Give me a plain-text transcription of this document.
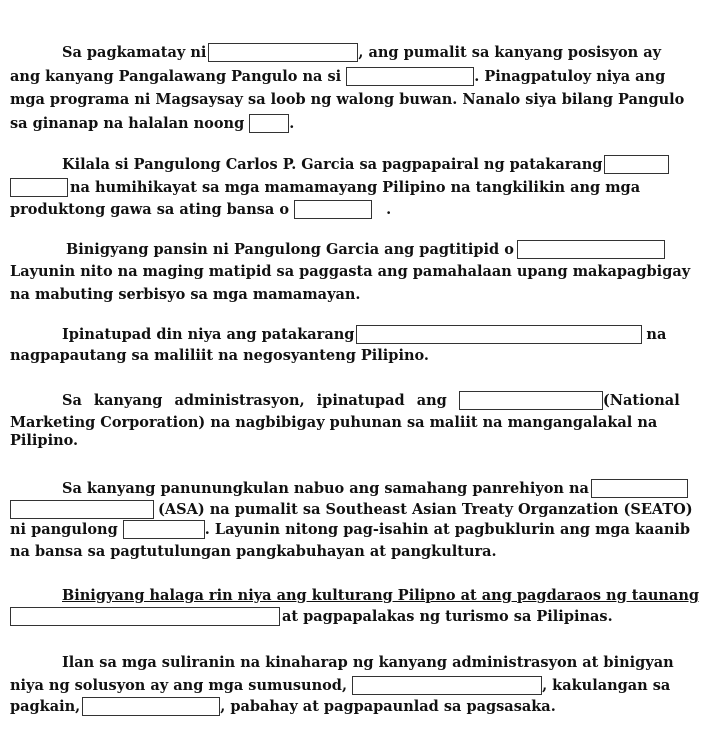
Sa pagkamatay ni	, ang pumalit sa kanyang posisyon ay
ang kanyang Pangalawang Pangulo na si	. Pinagpatuloy niya ang
mga programa ni Magsaysay sa loob ng walong buwan. Nanalo siya bilang Pangulo
sa ginanap na halalan noong	.
Kilala si Pangulong Carlos P. Garcia sa pagpapairal ng patakarang
na humihikayat sa mga mamamayang Pilipino na tangkilikin ang mga
produktong gawa sa ating bansa o	.
Binigyang pansin ni Pangulong Garcia ang pagtitipid o
Layunin nito na maging matipid sa paggasta ang pamahalaan upang makapagbigay
na mabuting serbisyo sa mga mamamayan.
Ipinatupad din niya ang patakarang	na
nagpapautang sa maliliit na negosyanteng Pilipino.
Sa kanyang administrasyon, ipinatupad ang	(National
Marketing Corporation) na nagbibigay puhunan sa maliit na mangangalakal na
Pilipino.
Sa kanyang panunungkulan nabuo ang samahang panrehiyon na
(ASA) na pumalit sa Southeast Asian Treaty Organzation (SEATO)
ni pangulong	. Layunin nitong pag-isahin at pagbuklurin ang mga kaanib
na bansa sa pagtutulungan pangkabuhayan at pangkultura.
Binigyang halaga rin niya ang kulturang Pilipno at ang pagdaraos ng taunang
at pagpapalakas ng turismo sa Pilipinas.
Ilan sa mga suliranin na kinaharap ng kanyang administrasyon at binigyan
niya ng solusyon ay ang mga sumusunod,	, kakulangan sa
pagkain,	, pabahay at pagpapaunlad sa pagsasaka.
